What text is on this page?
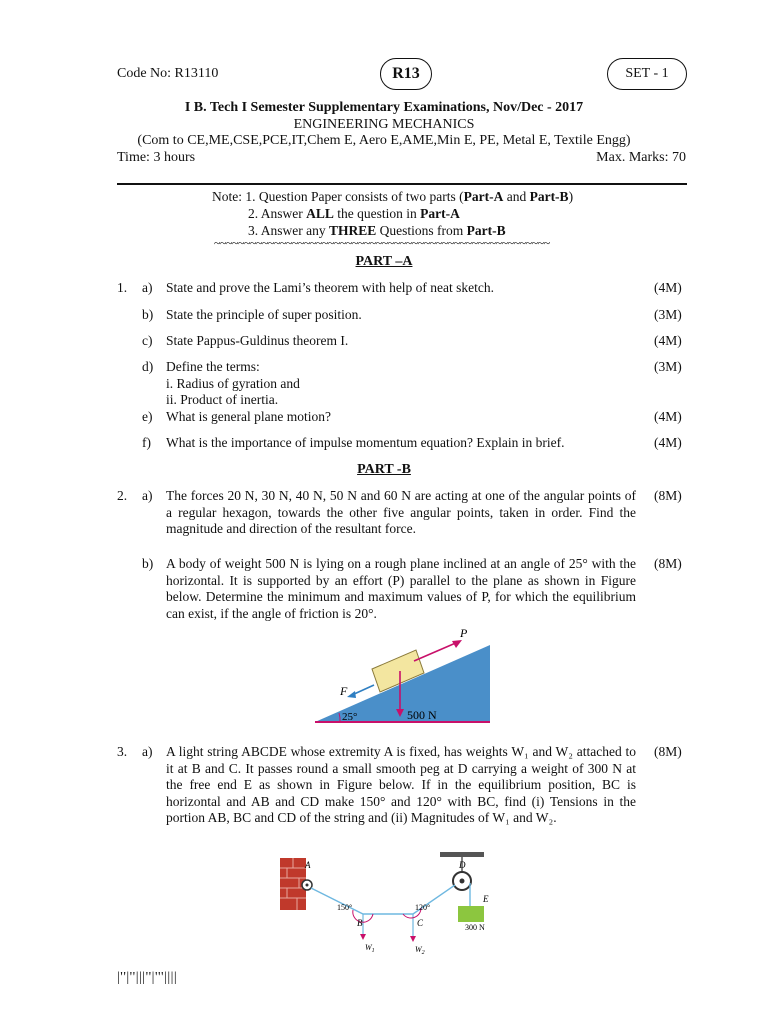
Code No: R13110	R13	SET - 1
I B. Tech I Semester Supplementary Examinations, Nov/Dec - 2017
ENGINEERING MECHANICS
(Com to CE,ME,CSE,PCE,IT,Chem E, Aero E,AME,Min E, PE, Metal E, Textile Engg)
Time: 3 hours	Max. Marks: 70
Note: 1. Question Paper consists of two parts (Part-A and Part-B)
2. Answer ALL the question in Part-A
3. Answer any THREE Questions from Part-B
~~~~~~~~~~~~~~~~~~~~~~~~~~~~~~~~~~~~~~~~~~~~~~~~~~~~~~~~
PART –A
1. a) State and prove the Lami’s theorem with help of neat sketch.	(4M)
b) State the principle of super position.	(3M)
c) State Pappus-Guldinus theorem I.	(4M)
d) Define the terms:
i. Radius of gyration and
ii. Product of inertia.
(3M)
e) What is general plane motion?	(4M)
f) What is the importance of impulse momentum equation? Explain in brief.	(4M)
PART -B
2. a) The forces 20 N, 30 N, 40 N, 50 N and 60 N are acting at one of the angular points of a regular hexagon, towards the other five angular points, taken in order. Find the magnitude and direction of the resultant force.
(8M)
b) A body of weight 500 N is lying on a rough plane inclined at an angle of 25° with the horizontal. It is supported by an effort (P) parallel to the plane as shown in Figure below. Determine the minimum and maximum values of P, for which the equilibrium can exist, if the angle of friction is 20°.
(8M)
P
F
25°	500 N
3. a) A light string ABCDE whose extremity A is fixed, has weights W₁ and W₂ attached to it at B and C. It passes round a small smooth peg at D carrying a weight of 300 N at the free end E as shown in Figure below. If in the equilibrium position, BC is horizontal and AB and CD make 150° and 120° with BC, find (i) Tensions in the portion AB, BC and CD of the string and (ii) Magnitudes of W₁ and W₂.
(8M)
A
B	C
D
E
150°	120°
300 N
$W_1$	$W_2$
|''|''|||''|'''||||
